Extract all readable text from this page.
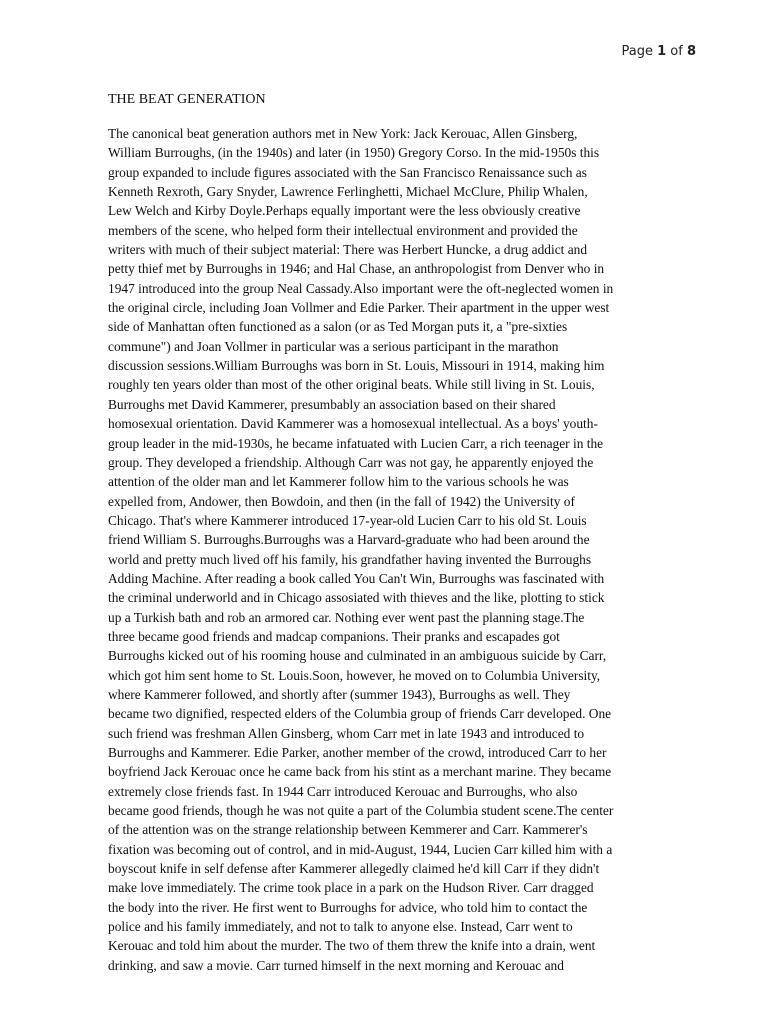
Page 1 of 8
THE BEAT GENERATION
The canonical beat generation authors met in New York: Jack Kerouac, Allen Ginsberg,
William Burroughs, (in the 1940s) and later (in 1950) Gregory Corso. In the mid-1950s this
group expanded to include figures associated with the San Francisco Renaissance such as
Kenneth Rexroth, Gary Snyder, Lawrence Ferlinghetti, Michael McClure, Philip Whalen,
Lew Welch and Kirby Doyle.Perhaps equally important were the less obviously creative
members of the scene, who helped form their intellectual environment and provided the
writers with much of their subject material: There was Herbert Huncke, a drug addict and
petty thief met by Burroughs in 1946; and Hal Chase, an anthropologist from Denver who in
1947 introduced into the group Neal Cassady.Also important were the oft-neglected women in
the original circle, including Joan Vollmer and Edie Parker. Their apartment in the upper west
side of Manhattan often functioned as a salon (or as Ted Morgan puts it, a "pre-sixties
commune") and Joan Vollmer in particular was a serious participant in the marathon
discussion sessions.William Burroughs was born in St. Louis, Missouri in 1914, making him
roughly ten years older than most of the other original beats. While still living in St. Louis,
Burroughs met David Kammerer, presumbably an association based on their shared
homosexual orientation. David Kammerer was a homosexual intellectual. As a boys' youth-
group leader in the mid-1930s, he became infatuated with Lucien Carr, a rich teenager in the
group. They developed a friendship. Although Carr was not gay, he apparently enjoyed the
attention of the older man and let Kammerer follow him to the various schools he was
expelled from, Andower, then Bowdoin, and then (in the fall of 1942) the University of
Chicago. That's where Kammerer introduced 17-year-old Lucien Carr to his old St. Louis
friend William S. Burroughs.Burroughs was a Harvard-graduate who had been around the
world and pretty much lived off his family, his grandfather having invented the Burroughs
Adding Machine. After reading a book called You Can't Win, Burroughs was fascinated with
the criminal underworld and in Chicago assosiated with thieves and the like, plotting to stick
up a Turkish bath and rob an armored car. Nothing ever went past the planning stage.The
three became good friends and madcap companions. Their pranks and escapades got
Burroughs kicked out of his rooming house and culminated in an ambiguous suicide by Carr,
which got him sent home to St. Louis.Soon, however, he moved on to Columbia University,
where Kammerer followed, and shortly after (summer 1943), Burroughs as well. They
became two dignified, respected elders of the Columbia group of friends Carr developed. One
such friend was freshman Allen Ginsberg, whom Carr met in late 1943 and introduced to
Burroughs and Kammerer. Edie Parker, another member of the crowd, introduced Carr to her
boyfriend Jack Kerouac once he came back from his stint as a merchant marine. They became
extremely close friends fast. In 1944 Carr introduced Kerouac and Burroughs, who also
became good friends, though he was not quite a part of the Columbia student scene.The center
of the attention was on the strange relationship between Kemmerer and Carr. Kammerer's
fixation was becoming out of control, and in mid-August, 1944, Lucien Carr killed him with a
boyscout knife in self defense after Kammerer allegedly claimed he'd kill Carr if they didn't
make love immediately. The crime took place in a park on the Hudson River. Carr dragged
the body into the river. He first went to Burroughs for advice, who told him to contact the
police and his family immediately, and not to talk to anyone else. Instead, Carr went to
Kerouac and told him about the murder. The two of them threw the knife into a drain, went
drinking, and saw a movie. Carr turned himself in the next morning and Kerouac and
